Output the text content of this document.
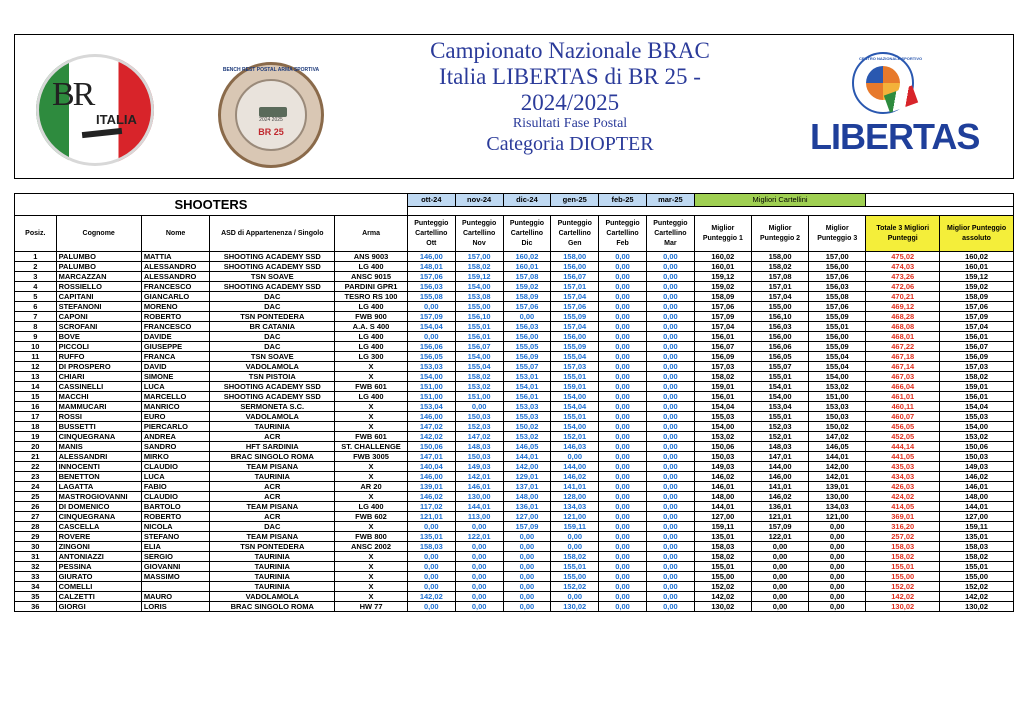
BR
ITALIA	2024 2025
BR 25
BENCH REST POSTAL ARMA SPORTIVA
Campionato Nazionale BRAC
Italia LIBERTAS di BR 25 -
2024/2025
Risultati Fase Postal
Categoria DIOPTER
CENTRO NAZIONALE SPORTIVO
LIBERTAS
SHOOTERS					ott-24	nov-24	dic-24	gen-25	feb-25	mar-25	Migliori Cartellini				

Posiz.	Cognome	Nome	ASD di Appartenenza / Singolo	Arma	Punteggio Cartellino Ott	Punteggio Cartellino Nov	Punteggio Cartellino Dic	Punteggio Cartellino Gen	Punteggio Cartellino Feb	Punteggio Cartellino Mar	Miglior Punteggio 1	Miglior Punteggio 2	Miglior Punteggio 3	Totale 3 Migliori Punteggi	Miglior Punteggio assoluto
1	PALUMBO	MATTIA	SHOOTING ACADEMY SSD	ANS 9003	146,00	157,00	160,02	158,00	0,00	0,00	160,02	158,00	157,00	475,02	160,02
2	PALUMBO	ALESSANDRO	SHOOTING ACADEMY SSD	LG 400	148,01	158,02	160,01	156,00	0,00	0,00	160,01	158,02	156,00	474,03	160,01
3	MARCAZZAN	ALESSANDRO	TSN SOAVE	ANSC 9015	157,06	159,12	157,08	156,07	0,00	0,00	159,12	157,08	157,06	473,26	159,12
4	ROSSIELLO	FRANCESCO	SHOOTING ACADEMY SSD	PARDINI GPR1	156,03	154,00	159,02	157,01	0,00	0,00	159,02	157,01	156,03	472,06	159,02
5	CAPITANI	GIANCARLO	DAC	TESRO RS 100	155,08	153,08	158,09	157,04	0,00	0,00	158,09	157,04	155,08	470,21	158,09
6	STEFANONI	MORENO	DAC	LG 400	0,00	155,00	157,06	157,06	0,00	0,00	157,06	155,00	157,06	469,12	157,06
7	CAPONI	ROBERTO	TSN PONTEDERA	FWB 900	157,09	156,10	0,00	155,09	0,00	0,00	157,09	156,10	155,09	468,28	157,09
8	SCROFANI	FRANCESCO	BR CATANIA	A.A. S 400	154,04	155,01	156,03	157,04	0,00	0,00	157,04	156,03	155,01	468,08	157,04
9	BOVE	DAVIDE	DAC	LG 400	0,00	156,01	156,00	156,00	0,00	0,00	156,01	156,00	156,00	468,01	156,01
10	PICCOLI	GIUSEPPE	DAC	LG 400	156,06	156,07	155,05	155,09	0,00	0,00	156,07	156,06	155,09	467,22	156,07
11	RUFFO	FRANCA	TSN SOAVE	LG 300	156,05	154,00	156,09	155,04	0,00	0,00	156,09	156,05	155,04	467,18	156,09
12	DI PROSPERO	DAVID	VADOLAMOLA	X	153,03	155,04	155,07	157,03	0,00	0,00	157,03	155,07	155,04	467,14	157,03
13	CHIARI	SIMONE	TSN PISTOIA	X	154,00	158,02	153,01	155,01	0,00	0,00	158,02	155,01	154,00	467,03	158,02
14	CASSINELLI	LUCA	SHOOTING ACADEMY SSD	FWB 601	151,00	153,02	154,01	159,01	0,00	0,00	159,01	154,01	153,02	466,04	159,01
15	MACCHI	MARCELLO	SHOOTING ACADEMY SSD	LG 400	151,00	151,00	156,01	154,00	0,00	0,00	156,01	154,00	151,00	461,01	156,01
16	MAMMUCARI	MANRICO	SERMONETA S.C.	X	153,04	0,00	153,03	154,04	0,00	0,00	154,04	153,04	153,03	460,11	154,04
17	ROSSI	EURO	VADOLAMOLA	X	146,00	150,03	155,03	155,01	0,00	0,00	155,03	155,01	150,03	460,07	155,03
18	BUSSETTI	PIERCARLO	TAURINIA	X	147,02	152,03	150,02	154,00	0,00	0,00	154,00	152,03	150,02	456,05	154,00
19	CINQUEGRANA	ANDREA	ACR	FWB 601	142,02	147,02	153,02	152,01	0,00	0,00	153,02	152,01	147,02	452,05	153,02
20	MANIS	SANDRO	HFT SARDINIA	ST. CHALLENGE	150,06	148,03	146,05	146,03	0,00	0,00	150,06	148,03	146,05	444,14	150,06
21	ALESSANDRI	MIRKO	BRAC SINGOLO ROMA	FWB 3005	147,01	150,03	144,01	0,00	0,00	0,00	150,03	147,01	144,01	441,05	150,03
22	INNOCENTI	CLAUDIO	TEAM PISANA	X	140,04	149,03	142,00	144,00	0,00	0,00	149,03	144,00	142,00	435,03	149,03
23	BENETTON	LUCA	TAURINIA	X	146,00	142,01	129,01	146,02	0,00	0,00	146,02	146,00	142,01	434,03	146,02
24	LAGATTA	FABIO	ACR	AR 20	139,01	146,01	137,01	141,01	0,00	0,00	146,01	141,01	139,01	426,03	146,01
25	MASTROGIOVANNI	CLAUDIO	ACR	X	146,02	130,00	148,00	128,00	0,00	0,00	148,00	146,02	130,00	424,02	148,00
26	DI DOMENICO	BARTOLO	TEAM PISANA	LG 400	117,02	144,01	136,01	134,03	0,00	0,00	144,01	136,01	134,03	414,05	144,01
27	CINQUEGRANA	ROBERTO	ACR	FWB 602	121,01	113,00	127,00	121,00	0,00	0,00	127,00	121,01	121,00	369,01	127,00
28	CASCELLA	NICOLA	DAC	X	0,00	0,00	157,09	159,11	0,00	0,00	159,11	157,09	0,00	316,20	159,11
29	ROVERE	STEFANO	TEAM PISANA	FWB 800	135,01	122,01	0,00	0,00	0,00	0,00	135,01	122,01	0,00	257,02	135,01
30	ZINGONI	ELIA	TSN PONTEDERA	ANSC 2002	158,03	0,00	0,00	0,00	0,00	0,00	158,03	0,00	0,00	158,03	158,03
31	ANTONIAZZI	SERGIO	TAURINIA	X	0,00	0,00	0,00	158,02	0,00	0,00	158,02	0,00	0,00	158,02	158,02
32	PESSINA	GIOVANNI	TAURINIA	X	0,00	0,00	0,00	155,01	0,00	0,00	155,01	0,00	0,00	155,01	155,01
33	GIURATO	MASSIMO	TAURINIA	X	0,00	0,00	0,00	155,00	0,00	0,00	155,00	0,00	0,00	155,00	155,00
34	COMELLI		TAURINIA	X	0,00	0,00	0,00	152,02	0,00	0,00	152,02	0,00	0,00	152,02	152,02
35	CALZETTI	MAURO	VADOLAMOLA	X	142,02	0,00	0,00	0,00	0,00	0,00	142,02	0,00	0,00	142,02	142,02
36	GIORGI	LORIS	BRAC SINGOLO ROMA	HW 77	0,00	0,00	0,00	130,02	0,00	0,00	130,02	0,00	0,00	130,02	130,02
